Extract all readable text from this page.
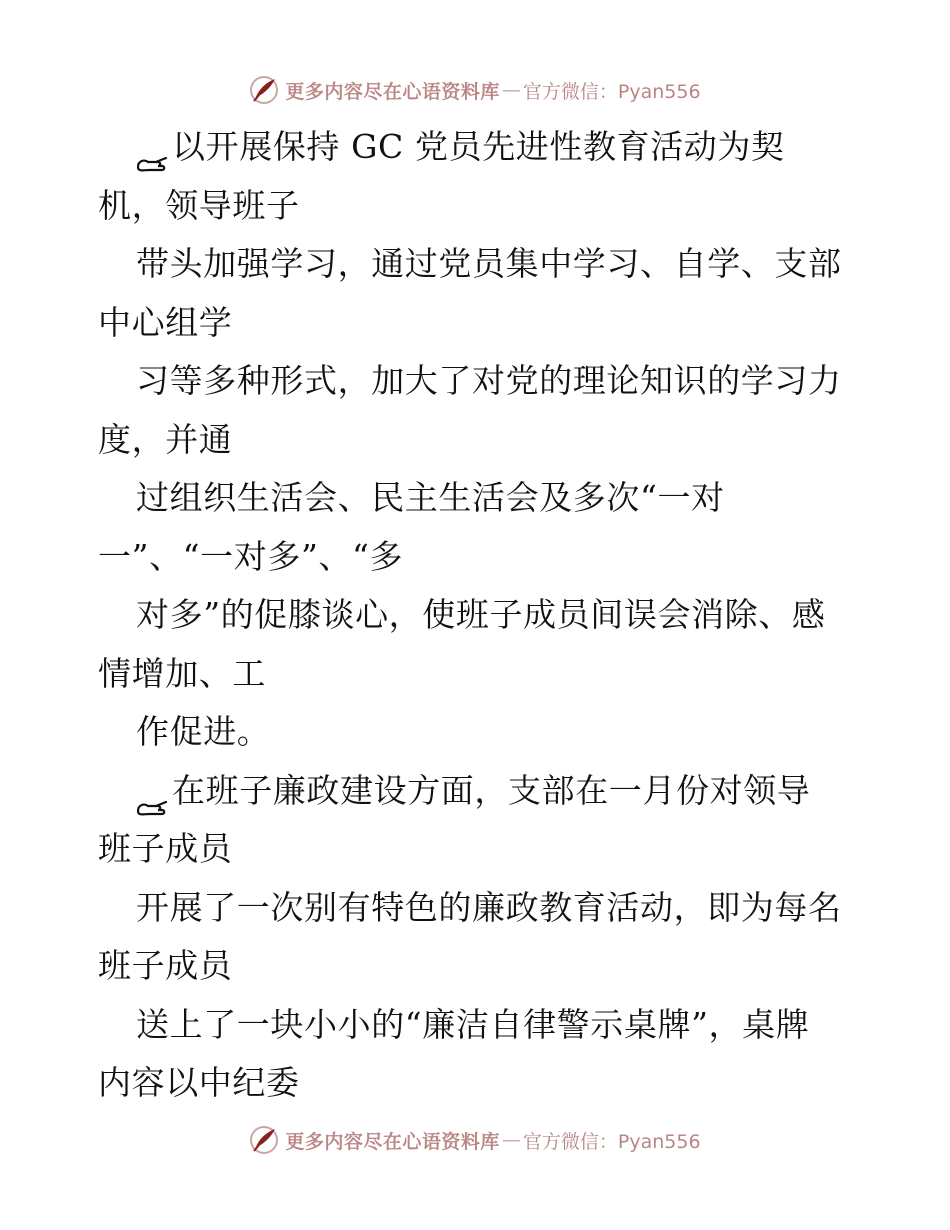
更多内容尽在心语资料库 — 官方微信：Pyan556
以开展保持 GC 党员先进性教育活动为契
机，领导班子
带头加强学习，通过党员集中学习、自学、支部
中心组学
习等多种形式，加大了对党的理论知识的学习力
度，并通
过组织生活会、民主生活会及多次“一对
一”、“一对多”、“多
对多”的促膝谈心，使班子成员间误会消除、感
情增加、工
作促进。
在班子廉政建设方面，支部在一月份对领导
班子成员
开展了一次别有特色的廉政教育活动，即为每名
班子成员
送上了一块小小的“廉洁自律警示桌牌”，桌牌
内容以中纪委
更多内容尽在心语资料库 — 官方微信：Pyan556
